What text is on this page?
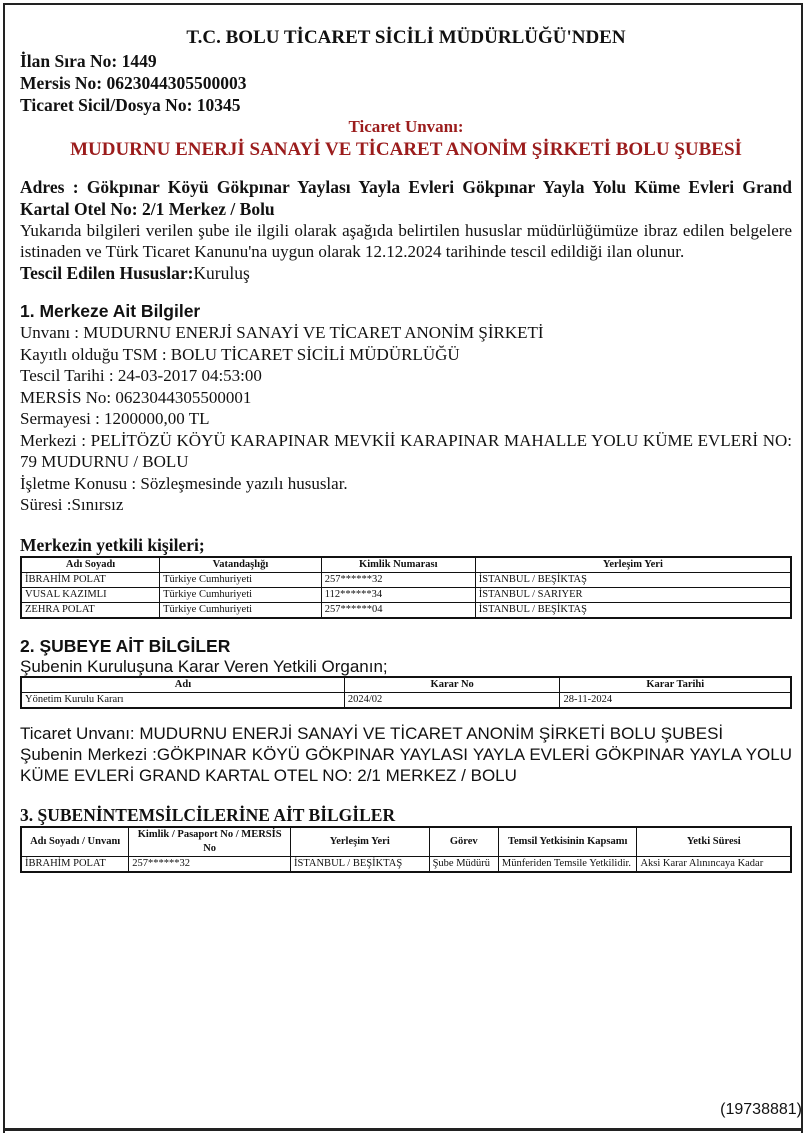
T.C. BOLU TİCARET SİCİLİ MÜDÜRLÜĞÜ'NDEN
İlan Sıra No: 1449
Mersis No: 0623044305500003
Ticaret Sicil/Dosya No: 10345
Ticaret Unvanı:
MUDURNU ENERJİ SANAYİ VE TİCARET ANONİM ŞİRKETİ BOLU ŞUBESİ
Adres : Gökpınar Köyü Gökpınar Yaylası Yayla Evleri Gökpınar Yayla Yolu Küme Evleri Grand Kartal Otel No: 2/1 Merkez / Bolu
Yukarıda bilgileri verilen şube ile ilgili olarak aşağıda belirtilen hususlar müdürlüğümüze ibraz edilen belgelere istinaden ve Türk Ticaret Kanunu'na uygun olarak 12.12.2024 tarihinde tescil edildiği ilan olunur.
Tescil Edilen Hususlar:Kuruluş
1. Merkeze Ait Bilgiler
Unvanı : MUDURNU ENERJİ SANAYİ VE TİCARET ANONİM ŞİRKETİ
Kayıtlı olduğu TSM : BOLU TİCARET SİCİLİ MÜDÜRLÜĞÜ
Tescil Tarihi : 24-03-2017 04:53:00
MERSİS No: 0623044305500001
Sermayesi : 1200000,00 TL
Merkezi : PELİTÖZÜ KÖYÜ KARAPINAR MEVKİİ KARAPINAR MAHALLE YOLU KÜME EVLERİ NO: 79 MUDURNU / BOLU
İşletme Konusu : Sözleşmesinde yazılı hususlar.
Süresi :Sınırsız
Merkezin yetkili kişileri;
Adı Soyadı	Vatandaşlığı	Kimlik Numarası	Yerleşim Yeri
İBRAHİM POLAT	Türkiye Cumhuriyeti	257******32	İSTANBUL / BEŞİKTAŞ
VUSAL KAZIMLI	Türkiye Cumhuriyeti	112******34	İSTANBUL / SARIYER
ZEHRA POLAT	Türkiye Cumhuriyeti	257******04	İSTANBUL / BEŞİKTAŞ
2. ŞUBEYE AİT BİLGİLER
Şubenin Kuruluşuna Karar Veren Yetkili Organın;
Adı	Karar No	Karar Tarihi
Yönetim Kurulu Kararı	2024/02	28-11-2024
Ticaret Unvanı: MUDURNU ENERJİ SANAYİ VE TİCARET ANONİM ŞİRKETİ BOLU ŞUBESİ
Şubenin Merkezi :GÖKPINAR KÖYÜ GÖKPINAR YAYLASI YAYLA EVLERİ GÖKPINAR YAYLA YOLU KÜME EVLERİ GRAND KARTAL OTEL NO: 2/1 MERKEZ / BOLU
3. ŞUBENİNTEMSİLCİLERİNE AİT BİLGİLER
Adı Soyadı / Unvanı	Kimlik / Pasaport No / MERSİS No	Yerleşim Yeri	Görev	Temsil Yetkisinin Kapsamı	Yetki Süresi
İBRAHİM POLAT	257******32	İSTANBUL / BEŞİKTAŞ	Şube Müdürü	Münferiden Temsile Yetkilidir.	Aksi Karar Alınıncaya Kadar
(19738881)
